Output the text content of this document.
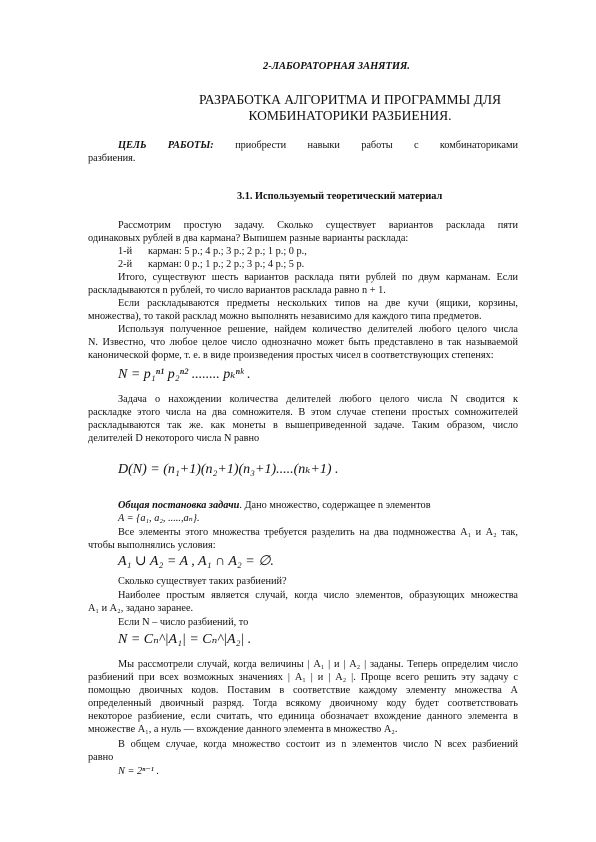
2-ЛАБОРАТОРНАЯ ЗАНЯТИЯ.
РАЗРАБОТКА АЛГОРИТМА И ПРОГРАММЫ ДЛЯ
КОМБИНАТОРИКИ РАЗБИЕНИЯ.
ЦЕЛЬ РАБОТЫ: приобрести навыки работы с комбинаториками
разбиения.
3.1. Используемый теоретический материал
Рассмотрим простую задачу. Сколько существует вариантов расклада пяти
одинаковых рублей в два кармана? Выпишем разные варианты расклада:
1-й карман: 5 р.; 4 р.; 3 р.; 2 р.; 1 р.; 0 р.,
2-й карман: 0 р.; 1 р.; 2 р.; 3 р.; 4 р.; 5 р.
Итого, существуют шесть вариантов расклада пяти рублей по двум карманам. Если
раскладываются n рублей, то число вариантов расклада равно n + 1.
Если раскладываются предметы нескольких типов на две кучи (ящики, корзины,
множества), то такой расклад можно выполнять независимо для каждого типа предметов.
Используя полученное решение, найдем количество делителей любого целого числа
N. Известно, что любое целое число однозначно может быть представлено в так называемой
канонической форме, т. е. в виде произведения простых чисел в соответствующих степенях:
N = p₁ⁿ¹ p₂ⁿ² ........ pₖⁿᵏ .
Задача о нахождении количества делителей любого целого числа N сводится к
раскладке этого числа на два сомножителя. В этом случае степени простых сомножителей
раскладываются так же. как монеты в вышеприведенной задаче. Таким образом, число
делителей D некоторого числа N равно
D(N) = (n₁+1)(n₂+1)(n₃+1).....(nₖ+1) .
Общая постановка задачи. Дано множество, содержащее n элементов
A = {a₁, a₂, .....,aₙ}.
Все элементы этого множества требуется разделить на два подмножества A₁ и A₂ так,
чтобы выполнялись условия:
A₁ ∪ A₂ = A , A₁ ∩ A₂ = ∅.
Сколько существует таких разбиений?
Наиболее простым является случай, когда число элементов, образующих множества
A₁ и A₂, задано заранее.
Если N – число разбиений, то
N = Cₙ^|A₁| = Cₙ^|A₂| .
Мы рассмотрели случай, когда величины | A₁ | и | A₂ | заданы. Теперь определим число
разбиений при всех возможных значениях | A₁ | и | A₂ |. Проще всего решить эту задачу с
помощью двоичных кодов. Поставим в соответствие каждому элементу множества A
определенный двоичный разряд. Тогда всякому двоичному коду будет соответствовать
некоторое разбиение, если считать, что единица обозначает вхождение данного элемента в
множестве A₁, а нуль — вхождение данного элемента в множество A₂.
В общем случае, когда множество состоит из n элементов число N всех разбиений
равно
N = 2ⁿ⁻¹ .
